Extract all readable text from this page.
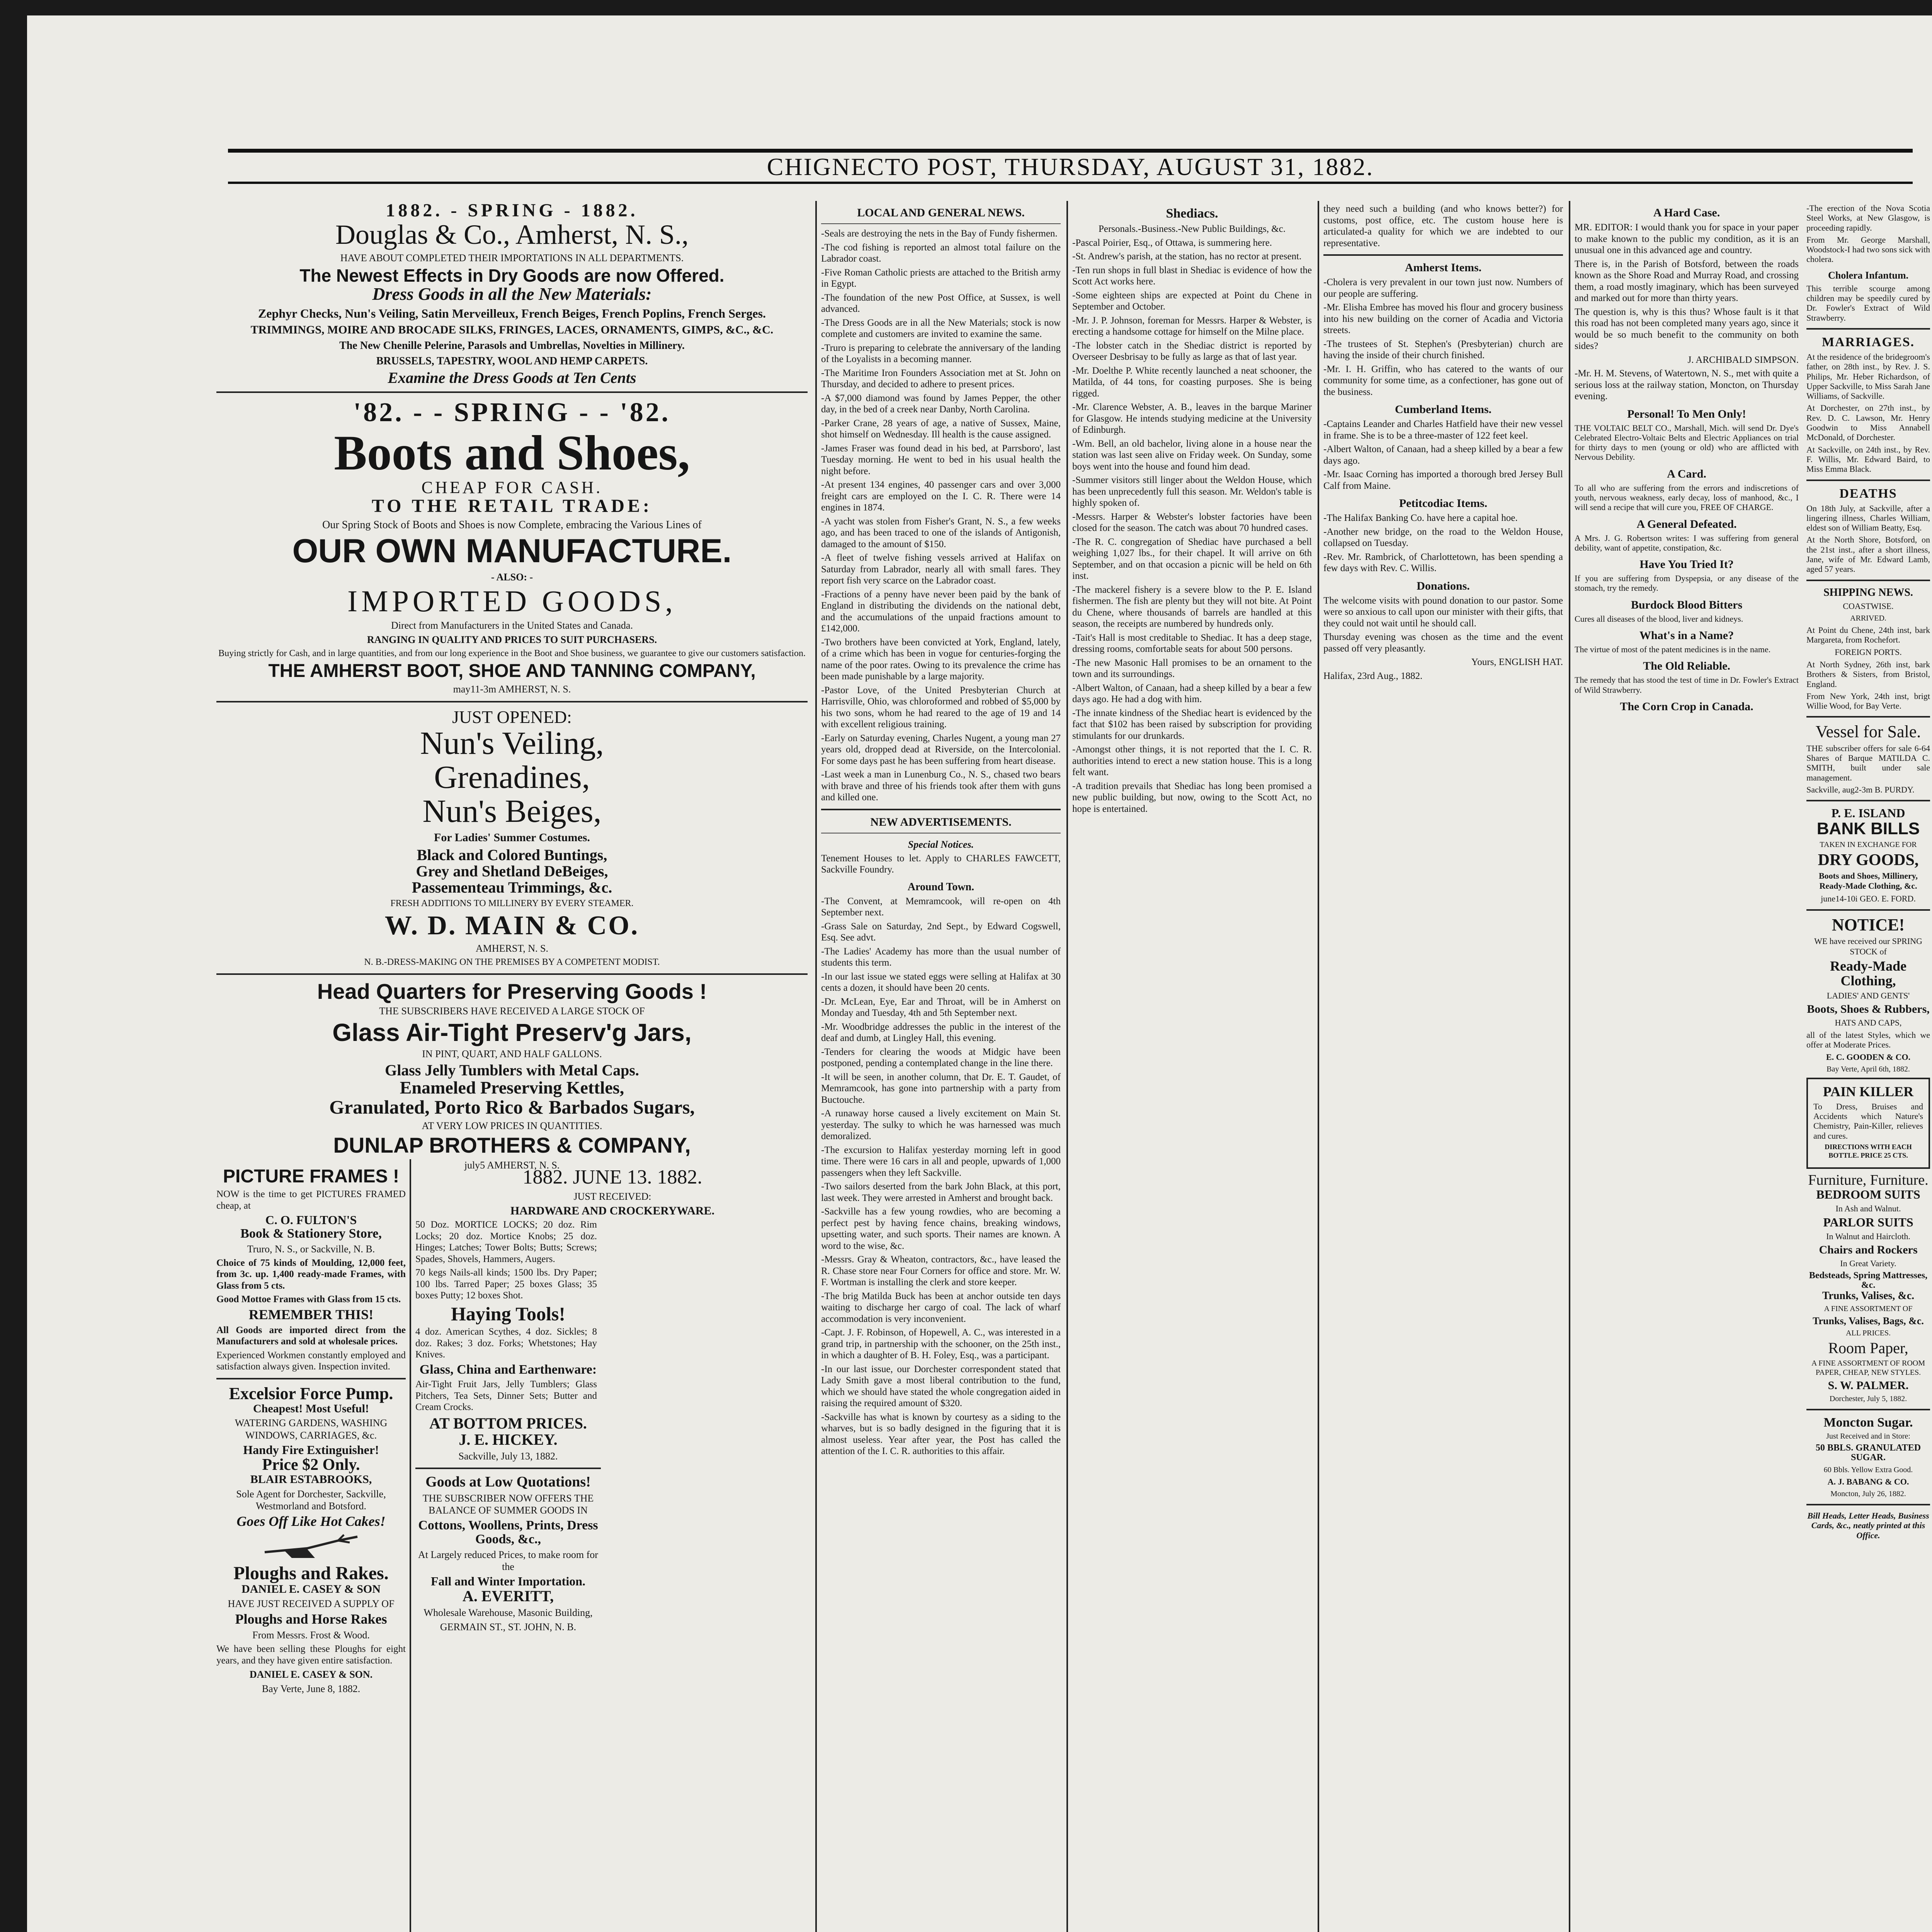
CHIGNECTO POST, THURSDAY, AUGUST 31, 1882.
1882. - SPRING - 1882.
Douglas & Co., Amherst, N. S.,
HAVE ABOUT COMPLETED THEIR IMPORTATIONS IN ALL DEPARTMENTS.
The Newest Effects in Dry Goods are now Offered.
Dress Goods in all the New Materials:
Zephyr Checks, Nun's Veiling, Satin Merveilleux, French Beiges, French Poplins, French Serges.
TRIMMINGS, MOIRE AND BROCADE SILKS, FRINGES, LACES, ORNAMENTS, GIMPS, &C., &C.
The New Chenille Pelerine, Parasols and Umbrellas, Novelties in Millinery.
BRUSSELS, TAPESTRY, WOOL AND HEMP CARPETS.
Examine the Dress Goods at Ten Cents
'82. - - SPRING - - '82.
Boots and Shoes,
CHEAP FOR CASH.
TO THE RETAIL TRADE:
Our Spring Stock of Boots and Shoes is now Complete, embracing the Various Lines of
OUR OWN MANUFACTURE.
- ALSO: -
IMPORTED GOODS,
Direct from Manufacturers in the United States and Canada.
RANGING IN QUALITY AND PRICES TO SUIT PURCHASERS.
Buying strictly for Cash, and in large quantities, and from our long experience in the Boot and Shoe business, we guarantee to give our customers satisfaction.
THE AMHERST BOOT, SHOE AND TANNING COMPANY,
may11-3m AMHERST, N. S.
JUST OPENED:
Nun's Veiling,
Grenadines,
Nun's Beiges,
For Ladies' Summer Costumes.
Black and Colored Buntings,
Grey and Shetland DeBeiges,
Passementeau Trimmings, &c.
FRESH ADDITIONS TO MILLINERY BY EVERY STEAMER.
W. D. MAIN & CO.
AMHERST, N. S.
N. B.-DRESS-MAKING ON THE PREMISES BY A COMPETENT MODIST.
Head Quarters for Preserving Goods !
THE SUBSCRIBERS HAVE RECEIVED A LARGE STOCK OF
Glass Air-Tight Preserv'g Jars,
IN PINT, QUART, AND HALF GALLONS.
Glass Jelly Tumblers with Metal Caps.
Enameled Preserving Kettles,
Granulated, Porto Rico & Barbados Sugars,
AT VERY LOW PRICES IN QUANTITIES.
DUNLAP BROTHERS & COMPANY,
july5 AMHERST, N. S.
PICTURE FRAMES !
NOW is the time to get PICTURES FRAMED cheap, at
C. O. FULTON'S
Book & Stationery Store,
Truro, N. S., or Sackville, N. B.
Choice of 75 kinds of Moulding, 12,000 feet, from 3c. up. 1,400 ready-made Frames, with Glass from 5 cts.
Good Mottoe Frames with Glass from 15 cts.
REMEMBER THIS!
All Goods are imported direct from the Manufacturers and sold at wholesale prices.
Experienced Workmen constantly employed and satisfaction always given. Inspection invited.
Excelsior Force Pump.
Cheapest! Most Useful!
WATERING GARDENS, WASHING WINDOWS, CARRIAGES, &c.
Handy Fire Extinguisher!
Price $2 Only.
BLAIR ESTABROOKS,
Sole Agent for Dorchester, Sackville, Westmorland and Botsford.
Goes Off Like Hot Cakes!
Ploughs and Rakes.
DANIEL E. CASEY & SON
HAVE JUST RECEIVED A SUPPLY OF
Ploughs and Horse Rakes
From Messrs. Frost & Wood.
We have been selling these Ploughs for eight years, and they have given entire satisfaction.
DANIEL E. CASEY & SON.
Bay Verte, June 8, 1882.
1882. JUNE 13. 1882.
JUST RECEIVED:
HARDWARE AND CROCKERYWARE.
50 Doz. MORTICE LOCKS; 20 doz. Rim Locks; 20 doz. Mortice Knobs; 25 doz. Hinges; Latches; Tower Bolts; Butts; Screws; Spades, Shovels, Hammers, Augers.
70 kegs Nails-all kinds; 1500 lbs. Dry Paper; 100 lbs. Tarred Paper; 25 boxes Glass; 35 boxes Putty; 12 boxes Shot.
Haying Tools!
4 doz. American Scythes, 4 doz. Sickles; 8 doz. Rakes; 3 doz. Forks; Whetstones; Hay Knives.
Glass, China and Earthenware:
Air-Tight Fruit Jars, Jelly Tumblers; Glass Pitchers, Tea Sets, Dinner Sets; Butter and Cream Crocks.
AT BOTTOM PRICES.
J. E. HICKEY.
Sackville, July 13, 1882.
Goods at Low Quotations!
THE SUBSCRIBER NOW OFFERS THE BALANCE OF SUMMER GOODS IN
Cottons, Woollens, Prints, Dress Goods, &c.,
At Largely reduced Prices, to make room for the
Fall and Winter Importation.
A. EVERITT,
Wholesale Warehouse, Masonic Building,
GERMAIN ST., ST. JOHN, N. B.
LOCAL AND GENERAL NEWS.
-Seals are destroying the nets in the Bay of Fundy fishermen.
-The cod fishing is reported an almost total failure on the Labrador coast.
-Five Roman Catholic priests are attached to the British army in Egypt.
-The foundation of the new Post Office, at Sussex, is well advanced.
-The Dress Goods are in all the New Materials; stock is now complete and customers are invited to examine the same.
-Truro is preparing to celebrate the anniversary of the landing of the Loyalists in a becoming manner.
-The Maritime Iron Founders Association met at St. John on Thursday, and decided to adhere to present prices.
-A $7,000 diamond was found by James Pepper, the other day, in the bed of a creek near Danby, North Carolina.
-Parker Crane, 28 years of age, a native of Sussex, Maine, shot himself on Wednesday. Ill health is the cause assigned.
-James Fraser was found dead in his bed, at Parrsboro', last Tuesday morning. He went to bed in his usual health the night before.
-At present 134 engines, 40 passenger cars and over 3,000 freight cars are employed on the I. C. R. There were 14 engines in 1874.
-A yacht was stolen from Fisher's Grant, N. S., a few weeks ago, and has been traced to one of the islands of Antigonish, damaged to the amount of $150.
-A fleet of twelve fishing vessels arrived at Halifax on Saturday from Labrador, nearly all with small fares. They report fish very scarce on the Labrador coast.
-Fractions of a penny have never been paid by the bank of England in distributing the dividends on the national debt, and the accumulations of the unpaid fractions amount to £142,000.
-Two brothers have been convicted at York, England, lately, of a crime which has been in vogue for centuries-forging the name of the poor rates. Owing to its prevalence the crime has been made punishable by a large majority.
-Pastor Love, of the United Presbyterian Church at Harrisville, Ohio, was chloroformed and robbed of $5,000 by his two sons, whom he had reared to the age of 19 and 14 with excellent religious training.
-Early on Saturday evening, Charles Nugent, a young man 27 years old, dropped dead at Riverside, on the Intercolonial. For some days past he has been suffering from heart disease.
-Last week a man in Lunenburg Co., N. S., chased two bears with brave and three of his friends took after them with guns and killed one.
NEW ADVERTISEMENTS.
Special Notices.
Tenement Houses to let. Apply to CHARLES FAWCETT, Sackville Foundry.
Around Town.
-The Convent, at Memramcook, will re-open on 4th September next.
-Grass Sale on Saturday, 2nd Sept., by Edward Cogswell, Esq. See advt.
-The Ladies' Academy has more than the usual number of students this term.
-In our last issue we stated eggs were selling at Halifax at 30 cents a dozen, it should have been 20 cents.
-Dr. McLean, Eye, Ear and Throat, will be in Amherst on Monday and Tuesday, 4th and 5th September next.
-Mr. Woodbridge addresses the public in the interest of the deaf and dumb, at Lingley Hall, this evening.
-Tenders for clearing the woods at Midgic have been postponed, pending a contemplated change in the line there.
-It will be seen, in another column, that Dr. E. T. Gaudet, of Memramcook, has gone into partnership with a party from Buctouche.
-A runaway horse caused a lively excitement on Main St. yesterday. The sulky to which he was harnessed was much demoralized.
-The excursion to Halifax yesterday morning left in good time. There were 16 cars in all and people, upwards of 1,000 passengers when they left Sackville.
-Two sailors deserted from the bark John Black, at this port, last week. They were arrested in Amherst and brought back.
-Sackville has a few young rowdies, who are becoming a perfect pest by having fence chains, breaking windows, upsetting water, and such sports. Their names are known. A word to the wise, &c.
-Messrs. Gray & Wheaton, contractors, &c., have leased the R. Chase store near Four Corners for office and store. Mr. W. F. Wortman is installing the clerk and store keeper.
-The brig Matilda Buck has been at anchor outside ten days waiting to discharge her cargo of coal. The lack of wharf accommodation is very inconvenient.
-Capt. J. F. Robinson, of Hopewell, A. C., was interested in a grand trip, in partnership with the schooner, on the 25th inst., in which a daughter of B. H. Foley, Esq., was a participant.
-In our last issue, our Dorchester correspondent stated that Lady Smith gave a most liberal contribution to the fund, which we should have stated the whole congregation aided in raising the required amount of $320.
-Sackville has what is known by courtesy as a siding to the wharves, but is so badly designed in the figuring that it is almost useless. Year after year, the Post has called the attention of the I. C. R. authorities to this affair.
Shediacs.
Personals.-Business.-New Public Buildings, &c.
-Pascal Poirier, Esq., of Ottawa, is summering here.
-St. Andrew's parish, at the station, has no rector at present.
-Ten run shops in full blast in Shediac is evidence of how the Scott Act works here.
-Some eighteen ships are expected at Point du Chene in September and October.
-Mr. J. P. Johnson, foreman for Messrs. Harper & Webster, is erecting a handsome cottage for himself on the Milne place.
-The lobster catch in the Shediac district is reported by Overseer Desbrisay to be fully as large as that of last year.
-Mr. Doelthe P. White recently launched a neat schooner, the Matilda, of 44 tons, for coasting purposes. She is being rigged.
-Mr. Clarence Webster, A. B., leaves in the barque Mariner for Glasgow. He intends studying medicine at the University of Edinburgh.
-Wm. Bell, an old bachelor, living alone in a house near the station was last seen alive on Friday week. On Sunday, some boys went into the house and found him dead.
-Summer visitors still linger about the Weldon House, which has been unprecedently full this season. Mr. Weldon's table is highly spoken of.
-Messrs. Harper & Webster's lobster factories have been closed for the season. The catch was about 70 hundred cases.
-The R. C. congregation of Shediac have purchased a bell weighing 1,027 lbs., for their chapel. It will arrive on 6th September, and on that occasion a picnic will be held on 6th inst.
-The mackerel fishery is a severe blow to the P. E. Island fishermen. The fish are plenty but they will not bite. At Point du Chene, where thousands of barrels are handled at this season, the receipts are numbered by hundreds only.
-Tait's Hall is most creditable to Shediac. It has a deep stage, dressing rooms, comfortable seats for about 500 persons.
-The new Masonic Hall promises to be an ornament to the town and its surroundings.
-Albert Walton, of Canaan, had a sheep killed by a bear a few days ago. He had a dog with him.
-The innate kindness of the Shediac heart is evidenced by the fact that $102 has been raised by subscription for providing stimulants for our drunkards.
-Amongst other things, it is not reported that the I. C. R. authorities intend to erect a new station house. This is a long felt want.
-A tradition prevails that Shediac has long been promised a new public building, but now, owing to the Scott Act, no hope is entertained.
they need such a building (and who knows better?) for customs, post office, etc. The custom house here is articulated-a quality for which we are indebted to our representative.
Amherst Items.
-Cholera is very prevalent in our town just now. Numbers of our people are suffering.
-Mr. Elisha Embree has moved his flour and grocery business into his new building on the corner of Acadia and Victoria streets.
-The trustees of St. Stephen's (Presbyterian) church are having the inside of their church finished.
-Mr. I. H. Griffin, who has catered to the wants of our community for some time, as a confectioner, has gone out of the business.
Cumberland Items.
-Captains Leander and Charles Hatfield have their new vessel in frame. She is to be a three-master of 122 feet keel.
-Albert Walton, of Canaan, had a sheep killed by a bear a few days ago.
-Mr. Isaac Corning has imported a thorough bred Jersey Bull Calf from Maine.
Petitcodiac Items.
-The Halifax Banking Co. have here a capital hoe.
-Another new bridge, on the road to the Weldon House, collapsed on Tuesday.
-Rev. Mr. Rambrick, of Charlottetown, has been spending a few days with Rev. C. Willis.
Donations.
The welcome visits with pound donation to our pastor. Some were so anxious to call upon our minister with their gifts, that they could not wait until he should call.
Thursday evening was chosen as the time and the event passed off very pleasantly.
Yours, ENGLISH HAT.
Halifax, 23rd Aug., 1882.
A Hard Case.
MR. EDITOR: I would thank you for space in your paper to make known to the public my condition, as it is an unusual one in this advanced age and country.
There is, in the Parish of Botsford, between the roads known as the Shore Road and Murray Road, and crossing them, a road mostly imaginary, which has been surveyed and marked out for more than thirty years.
The question is, why is this thus? Whose fault is it that this road has not been completed many years ago, since it would be so much benefit to the community on both sides?
J. ARCHIBALD SIMPSON.
-Mr. H. M. Stevens, of Watertown, N. S., met with quite a serious loss at the railway station, Moncton, on Thursday evening.
Personal! To Men Only!
THE VOLTAIC BELT CO., Marshall, Mich. will send Dr. Dye's Celebrated Electro-Voltaic Belts and Electric Appliances on trial for thirty days to men (young or old) who are afflicted with Nervous Debility.
A Card.
To all who are suffering from the errors and indiscretions of youth, nervous weakness, early decay, loss of manhood, &c., I will send a recipe that will cure you, FREE OF CHARGE.
A General Defeated.
A Mrs. J. G. Robertson writes: I was suffering from general debility, want of appetite, constipation, &c.
Have You Tried It?
If you are suffering from Dyspepsia, or any disease of the stomach, try the remedy.
Burdock Blood Bitters
Cures all diseases of the blood, liver and kidneys.
What's in a Name?
The virtue of most of the patent medicines is in the name.
The Old Reliable.
The remedy that has stood the test of time in Dr. Fowler's Extract of Wild Strawberry.
The Corn Crop in Canada.
-The erection of the Nova Scotia Steel Works, at New Glasgow, is proceeding rapidly.
From Mr. George Marshall, Woodstock-I had two sons sick with cholera.
Cholera Infantum.
This terrible scourge among children may be speedily cured by Dr. Fowler's Extract of Wild Strawberry.
MARRIAGES.
At the residence of the bridegroom's father, on 28th inst., by Rev. J. S. Philips, Mr. Heber Richardson, of Upper Sackville, to Miss Sarah Jane Williams, of Sackville.
At Dorchester, on 27th inst., by Rev. D. C. Lawson, Mr. Henry Goodwin to Miss Annabell McDonald, of Dorchester.
At Sackville, on 24th inst., by Rev. F. Willis, Mr. Edward Baird, to Miss Emma Black.
DEATHS
On 18th July, at Sackville, after a lingering illness, Charles William, eldest son of William Beatty, Esq.
At the North Shore, Botsford, on the 21st inst., after a short illness, Jane, wife of Mr. Edward Lamb, aged 57 years.
SHIPPING NEWS.
COASTWISE.
ARRIVED.
At Point du Chene, 24th inst, bark Margareta, from Rochefort.
FOREIGN PORTS.
At North Sydney, 26th inst, bark Brothers & Sisters, from Bristol, England.
From New York, 24th inst, brigt Willie Wood, for Bay Verte.
Vessel for Sale.
THE subscriber offers for sale 6-64 Shares of Barque MATILDA C. SMITH, built under sale management.
Sackville, aug2-3m B. PURDY.
P. E. ISLAND
BANK BILLS
TAKEN IN EXCHANGE FOR
DRY GOODS,
Boots and Shoes, Millinery, Ready-Made Clothing, &c.
june14-10i GEO. E. FORD.
NOTICE!
WE have received our SPRING STOCK of
Ready-Made Clothing,
LADIES' AND GENTS'
Boots, Shoes & Rubbers,
HATS AND CAPS,
all of the latest Styles, which we offer at Moderate Prices.
E. C. GOODEN & CO.
Bay Verte, April 6th, 1882.
PAIN KILLER
To Dress, Bruises and Accidents which Nature's Chemistry, Pain-Killer, relieves and cures.
DIRECTIONS WITH EACH BOTTLE. PRICE 25 CTS.
Furniture, Furniture.
BEDROOM SUITS
In Ash and Walnut.
PARLOR SUITS
In Walnut and Haircloth.
Chairs and Rockers
In Great Variety.
Bedsteads, Spring Mattresses, &c.
Trunks, Valises, &c.
A FINE ASSORTMENT OF
Trunks, Valises, Bags, &c.
ALL PRICES.
Room Paper,
A FINE ASSORTMENT OF ROOM PAPER, CHEAP, NEW STYLES.
S. W. PALMER.
Dorchester, July 5, 1882.
Moncton Sugar.
Just Received and in Store:
50 BBLS. GRANULATED SUGAR.
60 Bbls. Yellow Extra Good.
A. J. BABANG & CO.
Moncton, July 26, 1882.
Bill Heads, Letter Heads, Business Cards, &c., neatly printed at this Office.
